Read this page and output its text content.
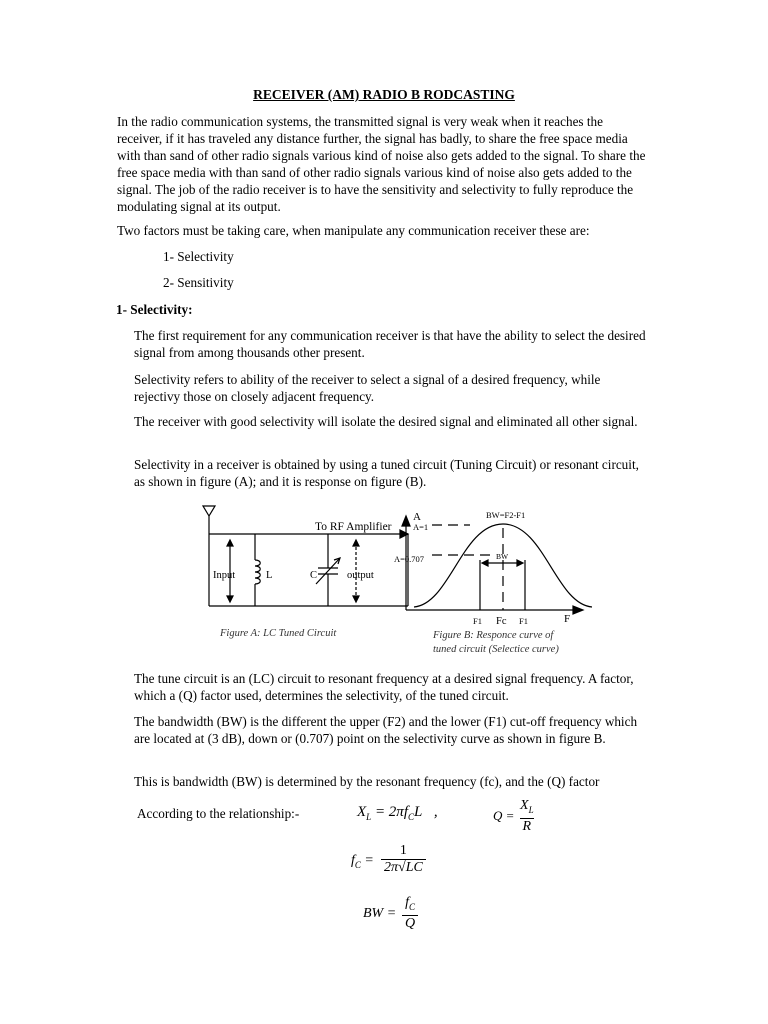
RECEIVER (AM) RADIO B RODCASTING

In the radio communication systems, the transmitted signal is very weak when it reaches the receiver, if it has traveled any distance further, the signal has badly, to share the free space media with than sand of other radio signals various kind of noise also gets added to the signal. To share the free space media with than sand of other radio signals various kind of noise also gets added to the signal. The job of the radio receiver is to have the sensitivity and selectivity to fully reproduce the modulating signal at its output.

Two factors must be taking care, when manipulate any communication receiver these are:

1- Selectivity
2- Sensitivity
1- Selectivity:

The first requirement for any communication receiver is that have the ability to select the desired signal from among thousands other present.

Selectivity refers to ability of the receiver to select a signal of a desired frequency, while rejectivy those on closely adjacent frequency.

The receiver with good selectivity will isolate the desired signal and eliminated all other signal.

Selectivity in a receiver is obtained by using a tuned circuit (Tuning Circuit) or resonant circuit, as shown in figure (A); and it is response on figure (B).

To RF Amplifier
Input	L	C	output
Figure A: LC Tuned Circuit
A
A=1
A=0.707
BW=F2-F1
BW
F1 Fc F1	F
Figure B: Responce curve of
tuned circuit (Selectice curve)

The tune circuit is an (LC) circuit to resonant frequency at a desired signal frequency. A factor, which a (Q) factor used, determines the selectivity, of the tuned circuit.

The bandwidth (BW) is the different the upper (F2) and the lower (F1) cut-off frequency which are located at (3 dB), down or (0.707) point on the selectivity curve as shown in figure B.

This is bandwidth (BW) is determined by the resonant frequency (fc), and the (Q) factor

According to the relationship:-	$X_L = 2\pi f_CL$ ,	$Q = \frac{X_L}{R}$
$f_C = \frac{1}{2\pi√LC}$
BW = $\frac{f_C}{Q}$
